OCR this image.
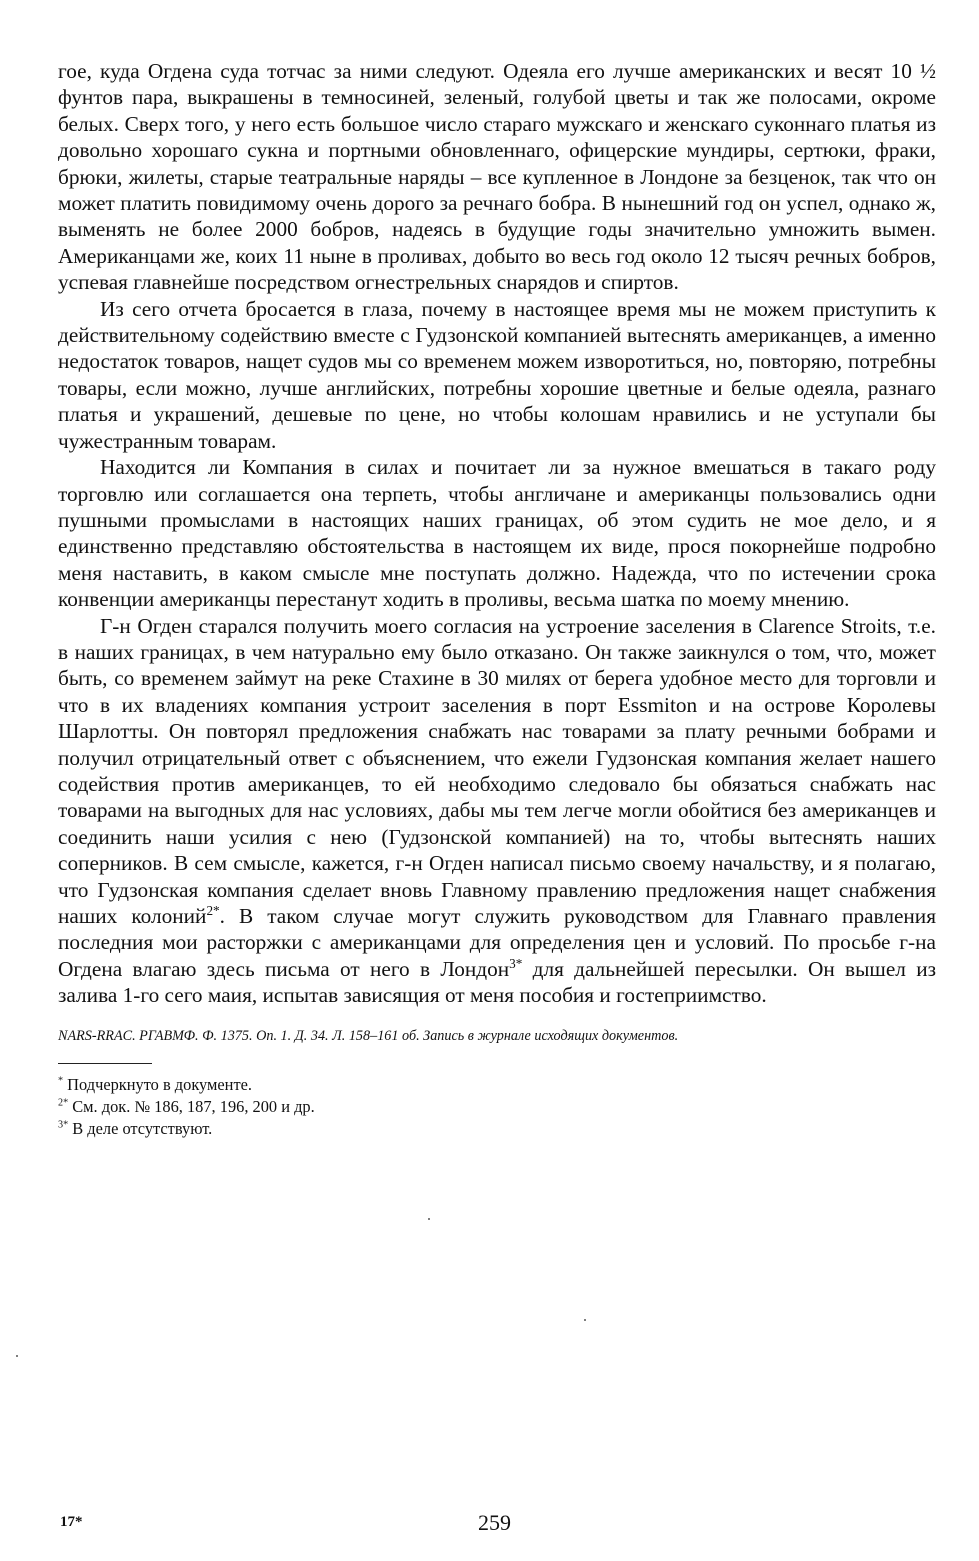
гое, куда Огдена суда тотчас за ними следуют. Одеяла его лучше американских и весят 10 ½ фунтов пара, выкрашены в темносиней, зеленый, голубой цветы и так же полосами, окроме белых. Сверх того, у него есть большое число стараго мужскаго и женскаго суконнаго платья из довольно хорошаго сукна и портными обновленнаго, офицерские мундиры, сертюки, фраки, брюки, жилеты, старые театральные наряды – все купленное в Лондоне за безценок, так что он может платить повидимому очень дорого за речнаго бобра. В нынешний год он успел, однако ж, выменять не более 2000 бобров, надеясь в будущие годы значительно умножить вымен. Американцами же, коих 11 ныне в проливах, добыто во весь год около 12 тысяч речных бобров, успевая главнейше посредством огнестрельных снарядов и спиртов.

Из сего отчета бросается в глаза, почему в настоящее время мы не можем приступить к действительному содействию вместе с Гудзонской компанией вытеснять американцев, а именно недостаток товаров, нащет судов мы со временем можем изворотиться, но, повторяю, потребны товары, если можно, лучше английских, потребны хорошие цветные и белые одеяла, разнаго платья и украшений, дешевые по цене, но чтобы колошам нравились и не уступали бы чужестранным товарам.

Находится ли Компания в силах и почитает ли за нужное вмешаться в такаго роду торговлю или соглашается она терпеть, чтобы англичане и американцы пользовались одни пушными промыслами в настоящих наших границах, об этом судить не мое дело, и я единственно представляю обстоятельства в настоящем их виде, прося покорнейше подробно меня наставить, в каком смысле мне поступать должно. Надежда, что по истечении срока конвенции американцы перестанут ходить в проливы, весьма шатка по моему мнению.

Г-н Огден старался получить моего согласия на устроение заселения в Clarence Stroits, т.е. в наших границах, в чем натурально ему было отказано. Он также заикнулся о том, что, может быть, со временем займут на реке Стахине в 30 милях от берега удобное место для торговли и что в их владениях компания устроит заселения в порт Essmiton и на острове Королевы Шарлотты. Он повторял предложения снабжать нас товарами за плату речными бобрами и получил отрицательный ответ с объяснением, что ежели Гудзонская компания желает нашего содействия против американцев, то ей необходимо следовало бы обязаться снабжать нас товарами на выгодных для нас условиях, дабы мы тем легче могли обойтися без американцев и соединить наши усилия с нею (Гудзонской компанией) на то, чтобы вытеснять наших соперников. В сем смысле, кажется, г-н Огден написал письмо своему начальству, и я полагаю, что Гудзонская компания сделает вновь Главному правлению предложения нащет снабжения наших колоний$^{2*}$. В таком случае могут служить руководством для Главнаго правления последния мои расторжки с американцами для определения цен и условий. По просьбе г-на Огдена влагаю здесь письма от него в Лондон$^{3*}$ для дальнейшей пересылки. Он вышел из залива 1-го сего маия, испытав зависящия от меня пособия и гостеприимство.

NARS-RRAC. РГАВМФ. Ф. 1375. Оп. 1. Д. 34. Л. 158–161 об. Запись в журнале исходящих документов.

* Подчеркнуто в документе.

$^{2*}$ См. док. № 186, 187, 196, 200 и др.

$^{3*}$ В деле отсутствуют.

17*	259
